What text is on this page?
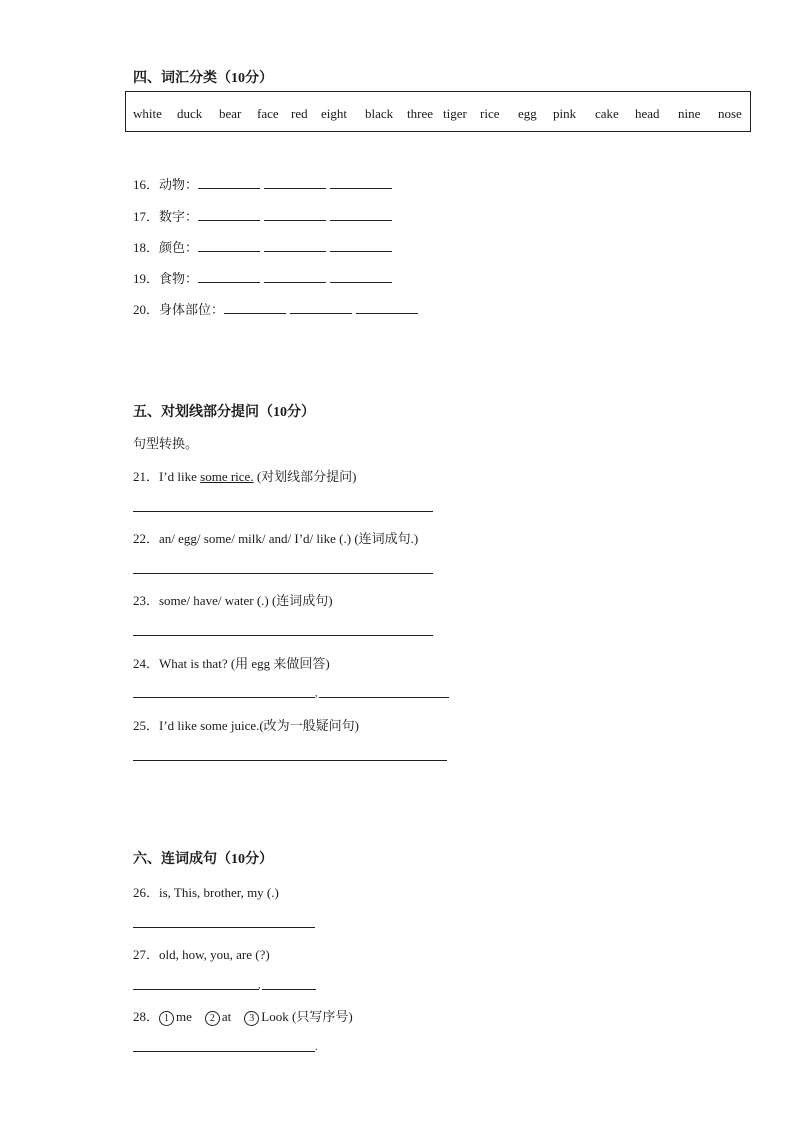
四、词汇分类（10分）
white duck bear face red eight black three tiger rice egg pink cake head nine nose
16．动物：
17．数字：
18．颜色：
19．食物：
20．身体部位：
五、对划线部分提问（10分）
句型转换。
21．I’d like some rice. (对划线部分提问)
22．an/ egg/ some/ milk/ and/ I’d/ like (.) (连词成句.)
23．some/ have/ water (.) (连词成句)
24．What is that? (用 egg 来做回答)
,
25．I’d like some juice.(改为一般疑问句)
六、连词成句（10分）
26．is, This, brother, my (.)
27．old, how, you, are (?)
,
28． 1 me 2 at 3 Look (只写序号)
.
